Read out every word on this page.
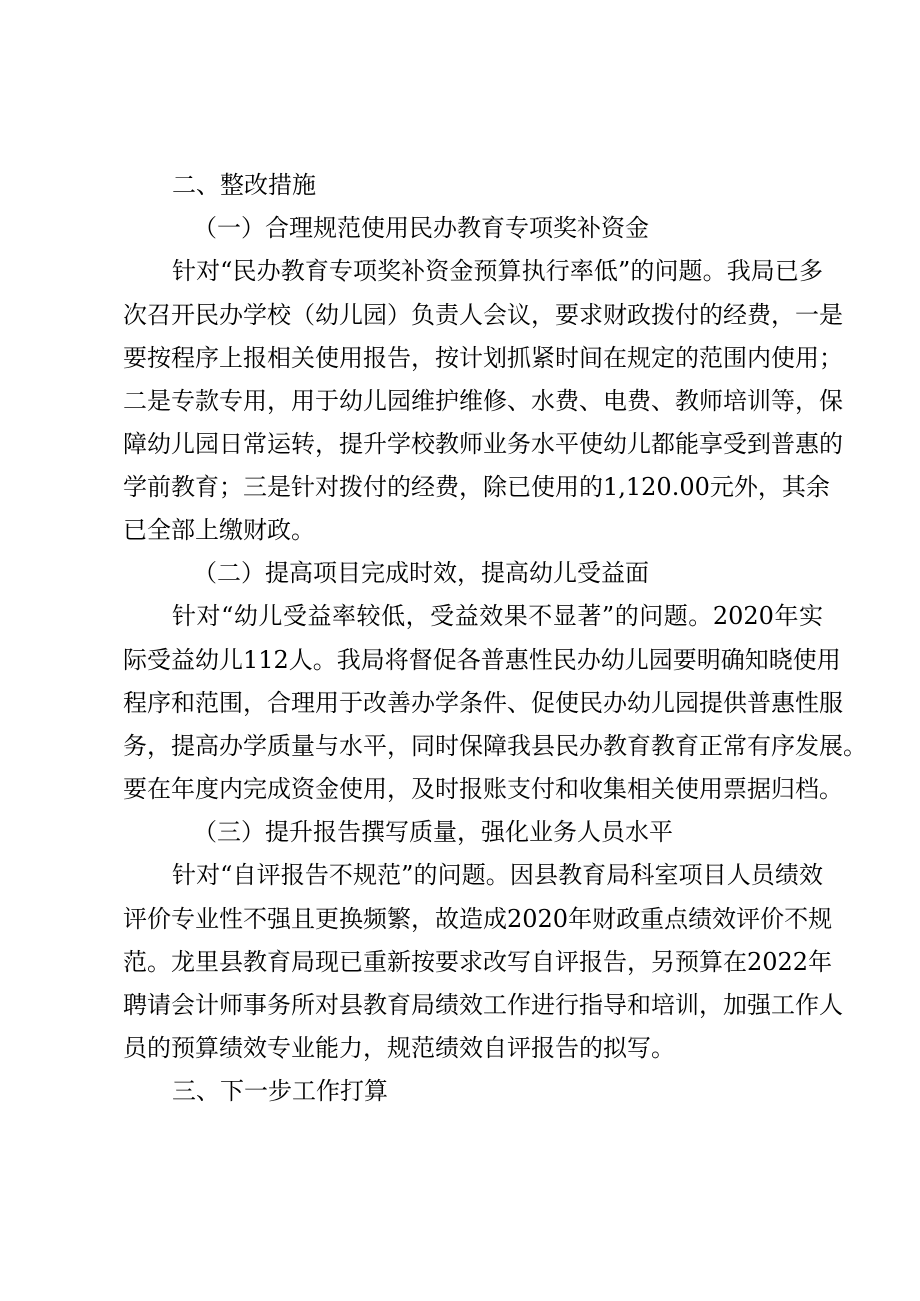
二、整改措施
（一）合理规范使用民办教育专项奖补资金
针对“民办教育专项奖补资金预算执行率低”的问题。我局已多
次召开民办学校（幼儿园）负责人会议，要求财政拨付的经费，一是
要按程序上报相关使用报告，按计划抓紧时间在规定的范围内使用；
二是专款专用，用于幼儿园维护维修、水费、电费、教师培训等，保
障幼儿园日常运转，提升学校教师业务水平使幼儿都能享受到普惠的
学前教育；三是针对拨付的经费，除已使用的1,120.00元外，其余
已全部上缴财政。
（二）提高项目完成时效，提高幼儿受益面
针对“幼儿受益率较低，受益效果不显著”的问题。2020年实
际受益幼儿112人。我局将督促各普惠性民办幼儿园要明确知晓使用
程序和范围，合理用于改善办学条件、促使民办幼儿园提供普惠性服
务，提高办学质量与水平，同时保障我县民办教育教育正常有序发展。
要在年度内完成资金使用，及时报账支付和收集相关使用票据归档。
（三）提升报告撰写质量，强化业务人员水平
针对“自评报告不规范”的问题。因县教育局科室项目人员绩效
评价专业性不强且更换频繁，故造成2020年财政重点绩效评价不规
范。龙里县教育局现已重新按要求改写自评报告，另预算在2022年
聘请会计师事务所对县教育局绩效工作进行指导和培训，加强工作人
员的预算绩效专业能力，规范绩效自评报告的拟写。
三、下一步工作打算
